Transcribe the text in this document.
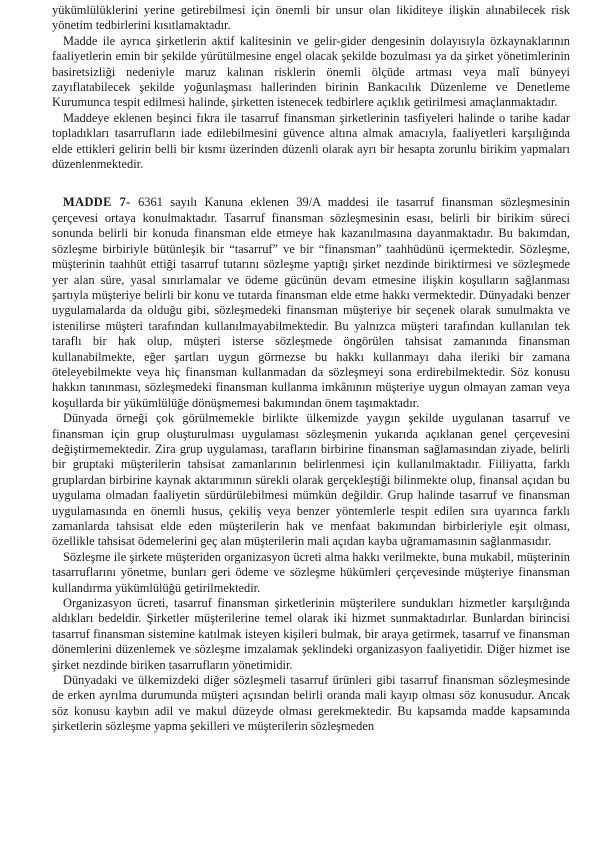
yükümlülüklerini yerine getirebilmesi için önemli bir unsur olan likiditeye ilişkin alınabilecek risk yönetim tedbirlerini kısıtlamaktadır.

Madde ile ayrıca şirketlerin aktif kalitesinin ve gelir-gider dengesinin dolayısıyla özkaynaklarının faaliyetlerin emin bir şekilde yürütülmesine engel olacak şekilde bozulması ya da şirket yönetimlerinin basiretsizliği nedeniyle maruz kalınan risklerin önemli ölçüde artması veya malî bünyeyi zayıflatabilecek şekilde yoğunlaşması hallerinden birinin Bankacılık Düzenleme ve Denetleme Kurumunca tespit edilmesi halinde, şirketten istenecek tedbirlere açıklık getirilmesi amaçlanmaktadır.

Maddeye eklenen beşinci fıkra ile tasarruf finansman şirketlerinin tasfiyeleri halinde o tarihe kadar topladıkları tasarrufların iade edilebilmesini güvence altına almak amacıyla, faaliyetleri karşılığında elde ettikleri gelirin belli bir kısmı üzerinden düzenli olarak ayrı bir hesapta zorunlu birikim yapmaları düzenlenmektedir.

MADDE 7- 6361 sayılı Kanuna eklenen 39/A maddesi ile tasarruf finansman sözleşmesinin çerçevesi ortaya konulmaktadır. Tasarruf finansman sözleşmesinin esası, belirli bir birikim süreci sonunda belirli bir konuda finansman elde etmeye hak kazanılmasına dayanmaktadır. Bu bakımdan, sözleşme birbiriyle bütünleşik bir “tasarruf” ve bir “finansman” taahhüdünü içermektedir. Sözleşme, müşterinin taahhüt ettiği tasarruf tutarını sözleşme yaptığı şirket nezdinde biriktirmesi ve sözleşmede yer alan süre, yasal sınırlamalar ve ödeme gücünün devam etmesine ilişkin koşulların sağlanması şartıyla müşteriye belirli bir konu ve tutarda finansman elde etme hakkı vermektedir. Dünyadaki benzer uygulamalarda da olduğu gibi, sözleşmedeki finansman müşteriye bir seçenek olarak sunulmakta ve istenilirse müşteri tarafından kullanılmayabilmektedir. Bu yalnızca müşteri tarafından kullanılan tek taraflı bir hak olup, müşteri isterse sözleşmede öngörülen tahsisat zamanında finansman kullanabilmekte, eğer şartları uygun görmezse bu hakkı kullanmayı daha ileriki bir zamana öteleyebilmekte veya hiç finansman kullanmadan da sözleşmeyi sona erdirebilmektedir. Söz konusu hakkın tanınması, sözleşmedeki finansman kullanma imkânının müşteriye uygun olmayan zaman veya koşullarda bir yükümlülüğe dönüşmemesi bakımından önem taşımaktadır.

Dünyada örneği çok görülmemekle birlikte ülkemizde yaygın şekilde uygulanan tasarruf ve finansman için grup oluşturulması uygulaması sözleşmenin yukarıda açıklanan genel çerçevesini değiştirmemektedir. Zira grup uygulaması, tarafların birbirine finansman sağlamasından ziyade, belirli bir gruptaki müşterilerin tahsisat zamanlarının belirlenmesi için kullanılmaktadır. Fiiliyatta, farklı gruplardan birbirine kaynak aktarımının sürekli olarak gerçekleştiği bilinmekte olup, finansal açıdan bu uygulama olmadan faaliyetin sürdürülebilmesi mümkün değildir. Grup halinde tasarruf ve finansman uygulamasında en önemli husus, çekiliş veya benzer yöntemlerle tespit edilen sıra uyarınca farklı zamanlarda tahsisat elde eden müşterilerin hak ve menfaat bakımından birbirleriyle eşit olması, özellikle tahsisat ödemelerini geç alan müşterilerin mali açıdan kayba uğramamasının sağlanmasıdır.

Sözleşme ile şirkete müşteriden organizasyon ücreti alma hakkı verilmekte, buna mukabil, müşterinin tasarruflarını yönetme, bunları geri ödeme ve sözleşme hükümleri çerçevesinde müşteriye finansman kullandırma yükümlülüğü getirilmektedir.

Organizasyon ücreti, tasarruf finansman şirketlerinin müşterilere sundukları hizmetler karşılığında aldıkları bedeldir. Şirketler müşterilerine temel olarak iki hizmet sunmaktadırlar. Bunlardan birincisi tasarruf finansman sistemine katılmak isteyen kişileri bulmak, bir araya getirmek, tasarruf ve finansman dönemlerini düzenlemek ve sözleşme imzalamak şeklindeki organizasyon faaliyetidir. Diğer hizmet ise şirket nezdinde biriken tasarrufların yönetimidir.

Dünyadaki ve ülkemizdeki diğer sözleşmeli tasarruf ürünleri gibi tasarruf finansman sözleşmesinde de erken ayrılma durumunda müşteri açısından belirli oranda mali kayıp olması söz konusudur. Ancak söz konusu kaybın adil ve makul düzeyde olması gerekmektedir. Bu kapsamda madde kapsamında şirketlerin sözleşme yapma şekilleri ve müşterilerin sözleşmeden
